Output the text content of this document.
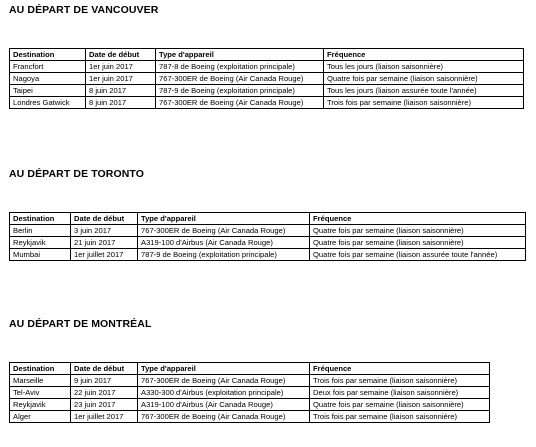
AU DÉPART DE VANCOUVER
Destination	Date de début	Type d'appareil	Fréquence
Francfort	1er juin 2017	787-8 de Boeing (exploitation principale)	Tous les jours (liaison saisonnière)
Nagoya	1er juin 2017	767-300ER de Boeing (Air Canada Rouge)	Quatre fois par semaine (liaison saisonnière)
Taipei	8 juin 2017	787-9 de Boeing (exploitation principale)	Tous les jours (liaison assurée toute l'année)
Londres Gatwick	8 juin 2017	767-300ER de Boeing (Air Canada Rouge)	Trois fois par semaine (liaison saisonnière)
AU DÉPART DE TORONTO
Destination	Date de début	Type d'appareil	Fréquence
Berlin	3 juin 2017	767-300ER de Boeing (Air Canada Rouge)	Quatre fois par semaine (liaison saisonnière)
Reykjavik	21 juin 2017	A319-100 d'Airbus (Air Canada Rouge)	Quatre fois par semaine (liaison saisonnière)
Mumbai	1er juillet 2017	787-9 de Boeing (exploitation principale)	Quatre fois par semaine (liaison assurée toute l'année)
AU DÉPART DE MONTRÉAL
Destination	Date de début	Type d'appareil	Fréquence
Marseille	9 juin 2017	767-300ER de Boeing (Air Canada Rouge)	Trois fois par semaine (liaison saisonnière)
Tel-Aviv	22 juin 2017	A330-300 d'Airbus (exploitation principale)	Deux fois par semaine (liaison saisonnière)
Reykjavik	23 juin 2017	A319-100 d'Airbus (Air Canada Rouge)	Quatre fois par semaine (liaison saisonnière)
Alger	1er juillet 2017	767-300ER de Boeing (Air Canada Rouge)	Trois fois par semaine (liaison saisonnière)
